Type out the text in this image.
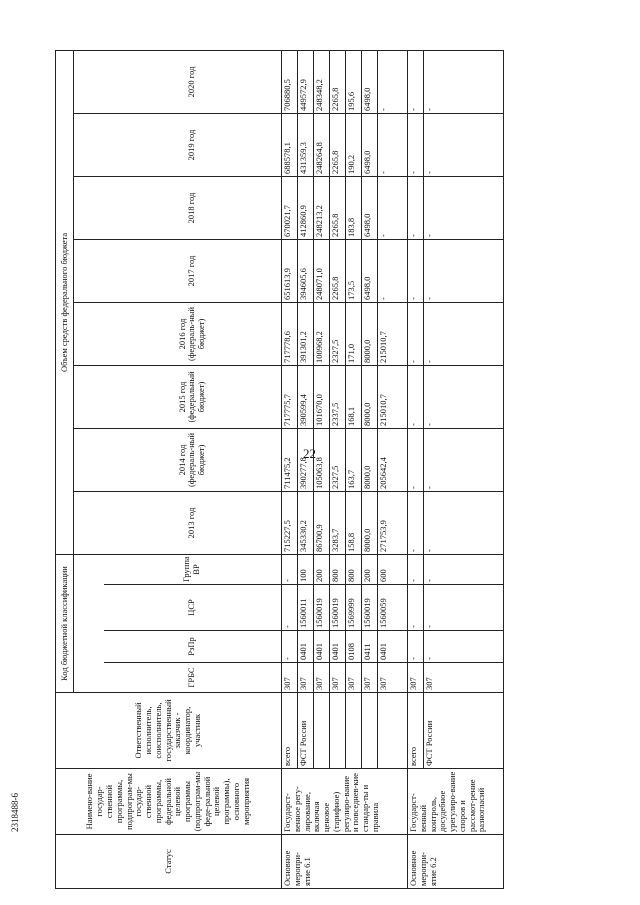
22
2318488-6
Статус	Наимено-вание государ-ственной программы, подпрограм-мы государ-ственной программы, федеральной целевой программы (подпрограм-мы феде-ральной целевой программы), основного мероприятия	Ответственный исполнитель, соисполнитель, государственный заказчик - координатор, участник	Код бюджетной классификации				Объем средств федерального бюджета							

			ГРБС	РзПр	ЦСР	Группа ВР	2013 год	2014 год (федераль-ный бюджет)	2015 год (федеральный бюджет)	2016 год (федераль-ный бюджет)	2017 год	2018 год	2019 год	2020 год
Основное меропри-ятие 6.1	Государст-венное регу-лирование, включая ценовое (тарифное) регулиро-вание и повседнев-кие стандар-ты и правила	всего	307	-	-	-	715227,5	711475,2	717775,7	717778,6	651613,9	670021,7	688578,1	706880,5
		ФСТ России	307	0401	1560011	100	345330,2	390277,8	390599,4	391301,2	394605,6	412860,9	431359,3	449572,9
			307	0401	1560019	200	86700,9	105063,8	101670,0	100968,2	248071,0	248213,2	248264,8	248348,2
			307	0401	1560019	800	3283,7	2327,5	2337,5	2327,5	2265,8	2265,8	2265,8	2265,8
			307	0108	1569999	800	158,8	163,7	168,1	171,0	173,5	183,8	190,2	195,6
			307	0411	1560019	200	8000,0	8000,0	8000,0	8000,0	6498,0	6498,0	6498,0	6498,0
			307	0401	1560059	600	271753,9	205642,4	215010,7	215010,7	-	-	-	-
Основное меропри-ятие 6.2	Государст-венный контроль, досудебное урегулиро-вание споров и рассмот-рение разногласий	всего	307	-	-	-	-	-	-	-	-	-	-	-
		ФСТ России	307	-	-	-	-	-	-	-	-	-	-	-
